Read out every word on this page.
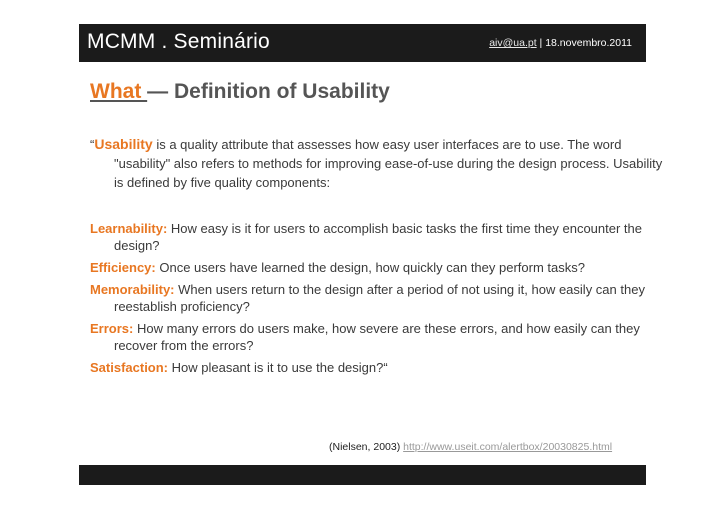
MCMM . Seminário	aiv@ua.pt | 18.novembro.2011
What — Definition of Usability
“Usability is a quality attribute that assesses how easy user interfaces are to use. The word "usability" also refers to methods for improving ease-of-use during the design process. Usability is defined by five quality components:
Learnability: How easy is it for users to accomplish basic tasks the first time they encounter the design?
Efficiency: Once users have learned the design, how quickly can they perform tasks?
Memorability: When users return to the design after a period of not using it, how easily can they reestablish proficiency?
Errors: How many errors do users make, how severe are these errors, and how easily can they recover from the errors?
Satisfaction: How pleasant is it to use the design?“
(Nielsen, 2003) http://www.useit.com/alertbox/20030825.html
